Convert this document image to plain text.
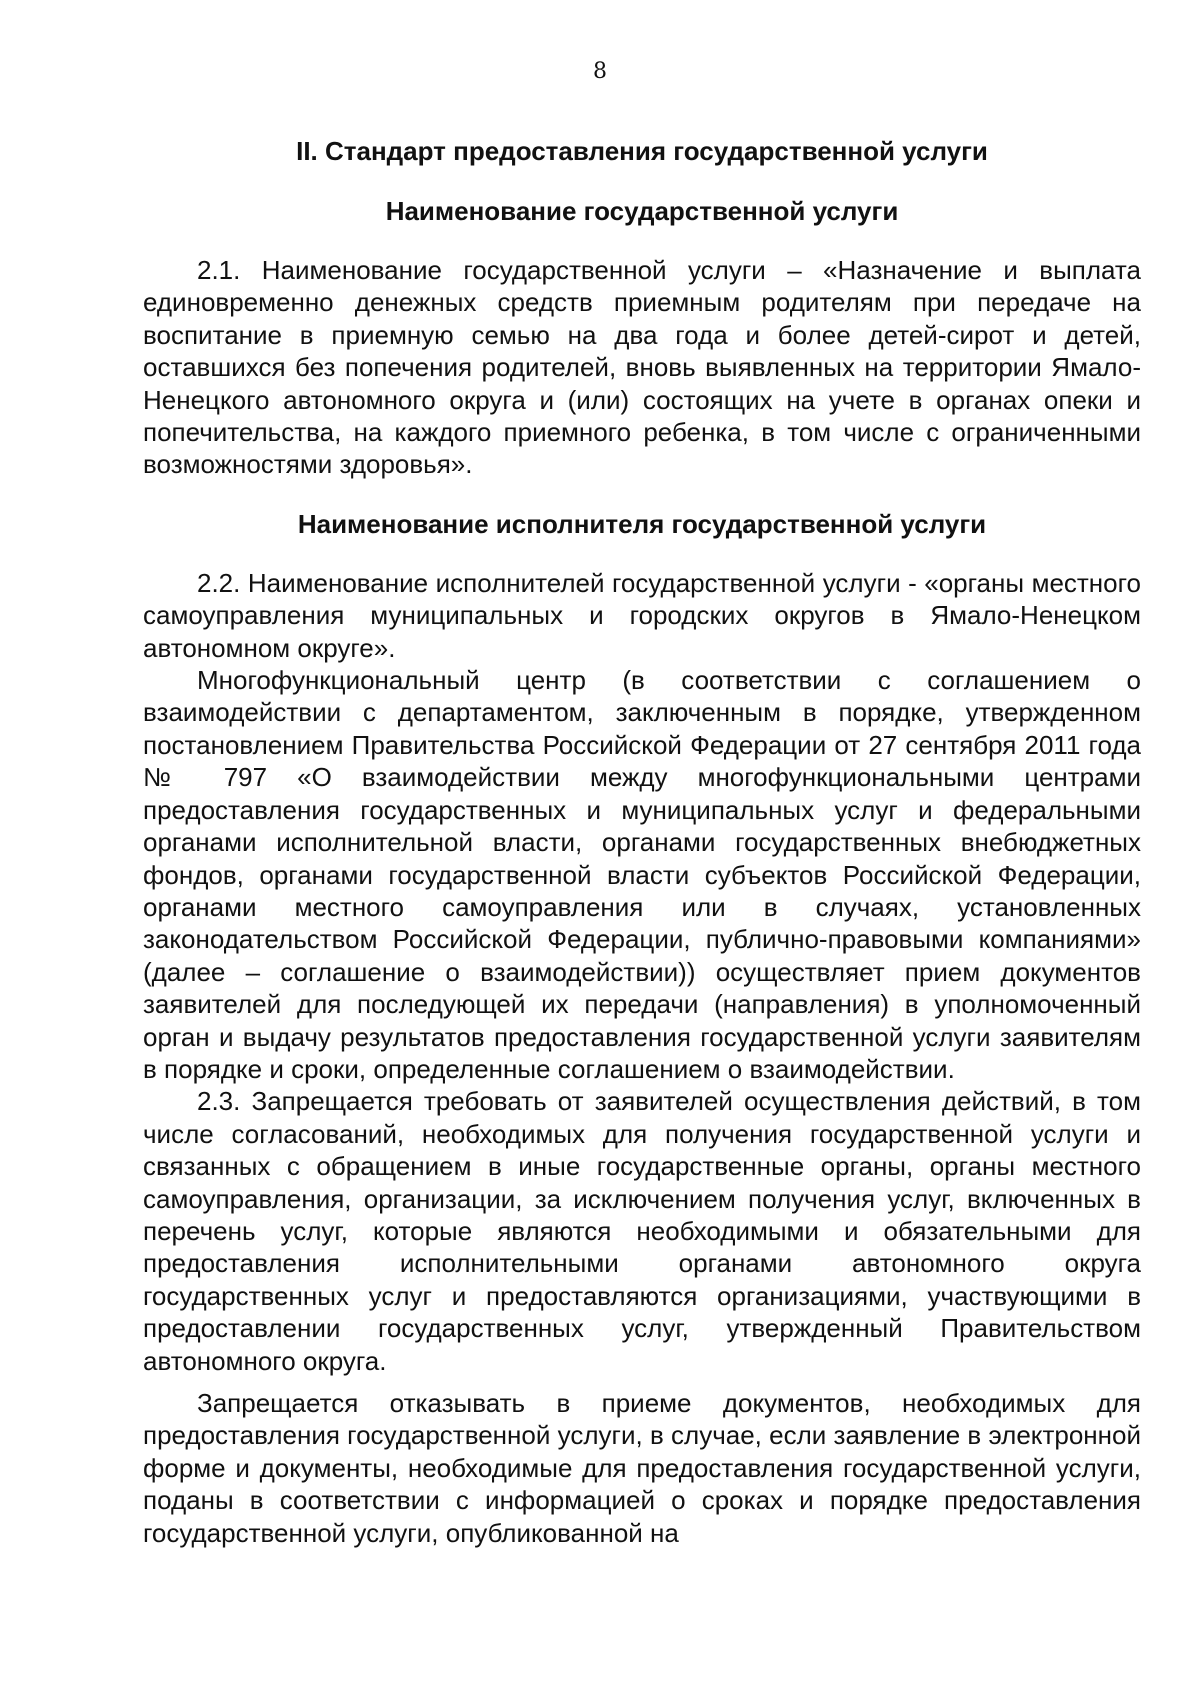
8
II. Стандарт предоставления государственной услуги
Наименование государственной услуги

2.1. Наименование государственной услуги – «Назначение и выплата единовременно денежных средств приемным родителям при передаче на воспитание в приемную семью на два года и более детей-сирот и детей, оставшихся без попечения родителей, вновь выявленных на территории Ямало-Ненецкого автономного округа и (или) состоящих на учете в органах опеки и попечительства, на каждого приемного ребенка, в том числе с ограниченными возможностями здоровья».

Наименование исполнителя государственной услуги

2.2. Наименование исполнителей государственной услуги - «органы местного самоуправления муниципальных и городских округов в Ямало-Ненецком автономном округе».

Многофункциональный центр (в соответствии с соглашением о взаимодействии с департаментом, заключенным в порядке, утвержденном постановлением Правительства Российской Федерации от 27 сентября 2011 года № 797 «О взаимодействии между многофункциональными центрами предоставления государственных и муниципальных услуг и федеральными органами исполнительной власти, органами государственных внебюджетных фондов, органами государственной власти субъектов Российской Федерации, органами местного самоуправления или в случаях, установленных законодательством Российской Федерации, публично-правовыми компаниями» (далее – соглашение о взаимодействии)) осуществляет прием документов заявителей для последующей их передачи (направления) в уполномоченный орган и выдачу результатов предоставления государственной услуги заявителям в порядке и сроки, определенные соглашением о взаимодействии.

2.3. Запрещается требовать от заявителей осуществления действий, в том числе согласований, необходимых для получения государственной услуги и связанных с обращением в иные государственные органы, органы местного самоуправления, организации, за исключением получения услуг, включенных в перечень услуг, которые являются необходимыми и обязательными для предоставления исполнительными органами автономного округа государственных услуг и предоставляются организациями, участвующими в предоставлении государственных услуг, утвержденный Правительством автономного округа.

Запрещается отказывать в приеме документов, необходимых для предоставления государственной услуги, в случае, если заявление в электронной форме и документы, необходимые для предоставления государственной услуги, поданы в соответствии с информацией о сроках и порядке предоставления государственной услуги, опубликованной на
